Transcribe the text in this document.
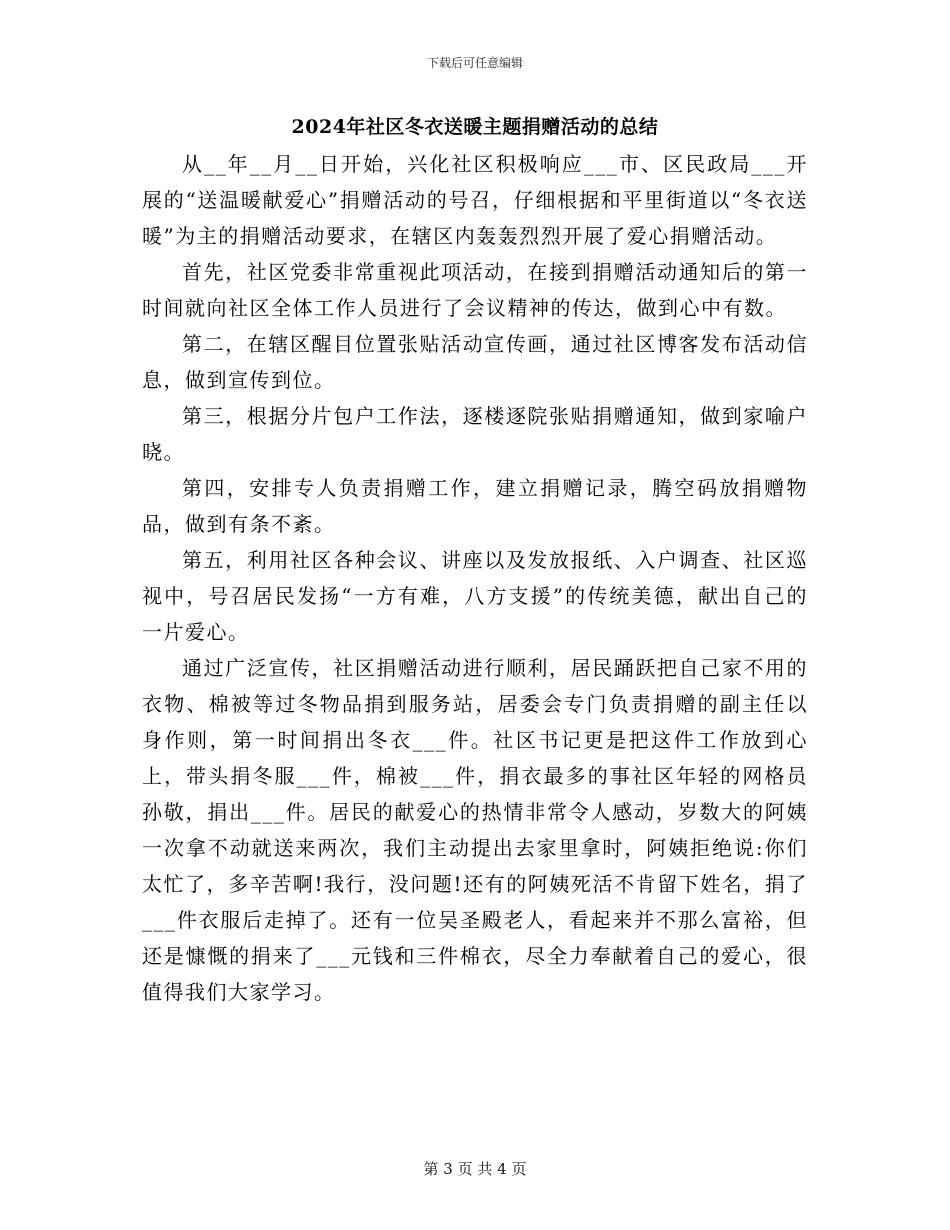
下载后可任意编辑
2024年社区冬衣送暖主题捐赠活动的总结

从__年__月__日开始，兴化社区积极响应___市、区民政局___开展的“送温暖献爱心”捐赠活动的号召，仔细根据和平里街道以“冬衣送暖”为主的捐赠活动要求，在辖区内轰轰烈烈开展了爱心捐赠活动。

首先，社区党委非常重视此项活动，在接到捐赠活动通知后的第一时间就向社区全体工作人员进行了会议精神的传达，做到心中有数。

第二，在辖区醒目位置张贴活动宣传画，通过社区博客发布活动信息，做到宣传到位。

第三，根据分片包户工作法，逐楼逐院张贴捐赠通知，做到家喻户晓。

第四，安排专人负责捐赠工作，建立捐赠记录，腾空码放捐赠物品，做到有条不紊。

第五，利用社区各种会议、讲座以及发放报纸、入户调查、社区巡视中，号召居民发扬“一方有难，八方支援”的传统美德，献出自己的一片爱心。

通过广泛宣传，社区捐赠活动进行顺利，居民踊跃把自己家不用的衣物、棉被等过冬物品捐到服务站，居委会专门负责捐赠的副主任以身作则，第一时间捐出冬衣___件。社区书记更是把这件工作放到心上，带头捐冬服___件，棉被___件，捐衣最多的事社区年轻的网格员孙敬，捐出___件。居民的献爱心的热情非常令人感动，岁数大的阿姨一次拿不动就送来两次，我们主动提出去家里拿时，阿姨拒绝说:你们太忙了，多辛苦啊!我行，没问题!还有的阿姨死活不肯留下姓名，捐了___件衣服后走掉了。还有一位吴圣殿老人，看起来并不那么富裕，但还是慷慨的捐来了___元钱和三件棉衣，尽全力奉献着自己的爱心，很值得我们大家学习。

第 3 页 共 4 页
